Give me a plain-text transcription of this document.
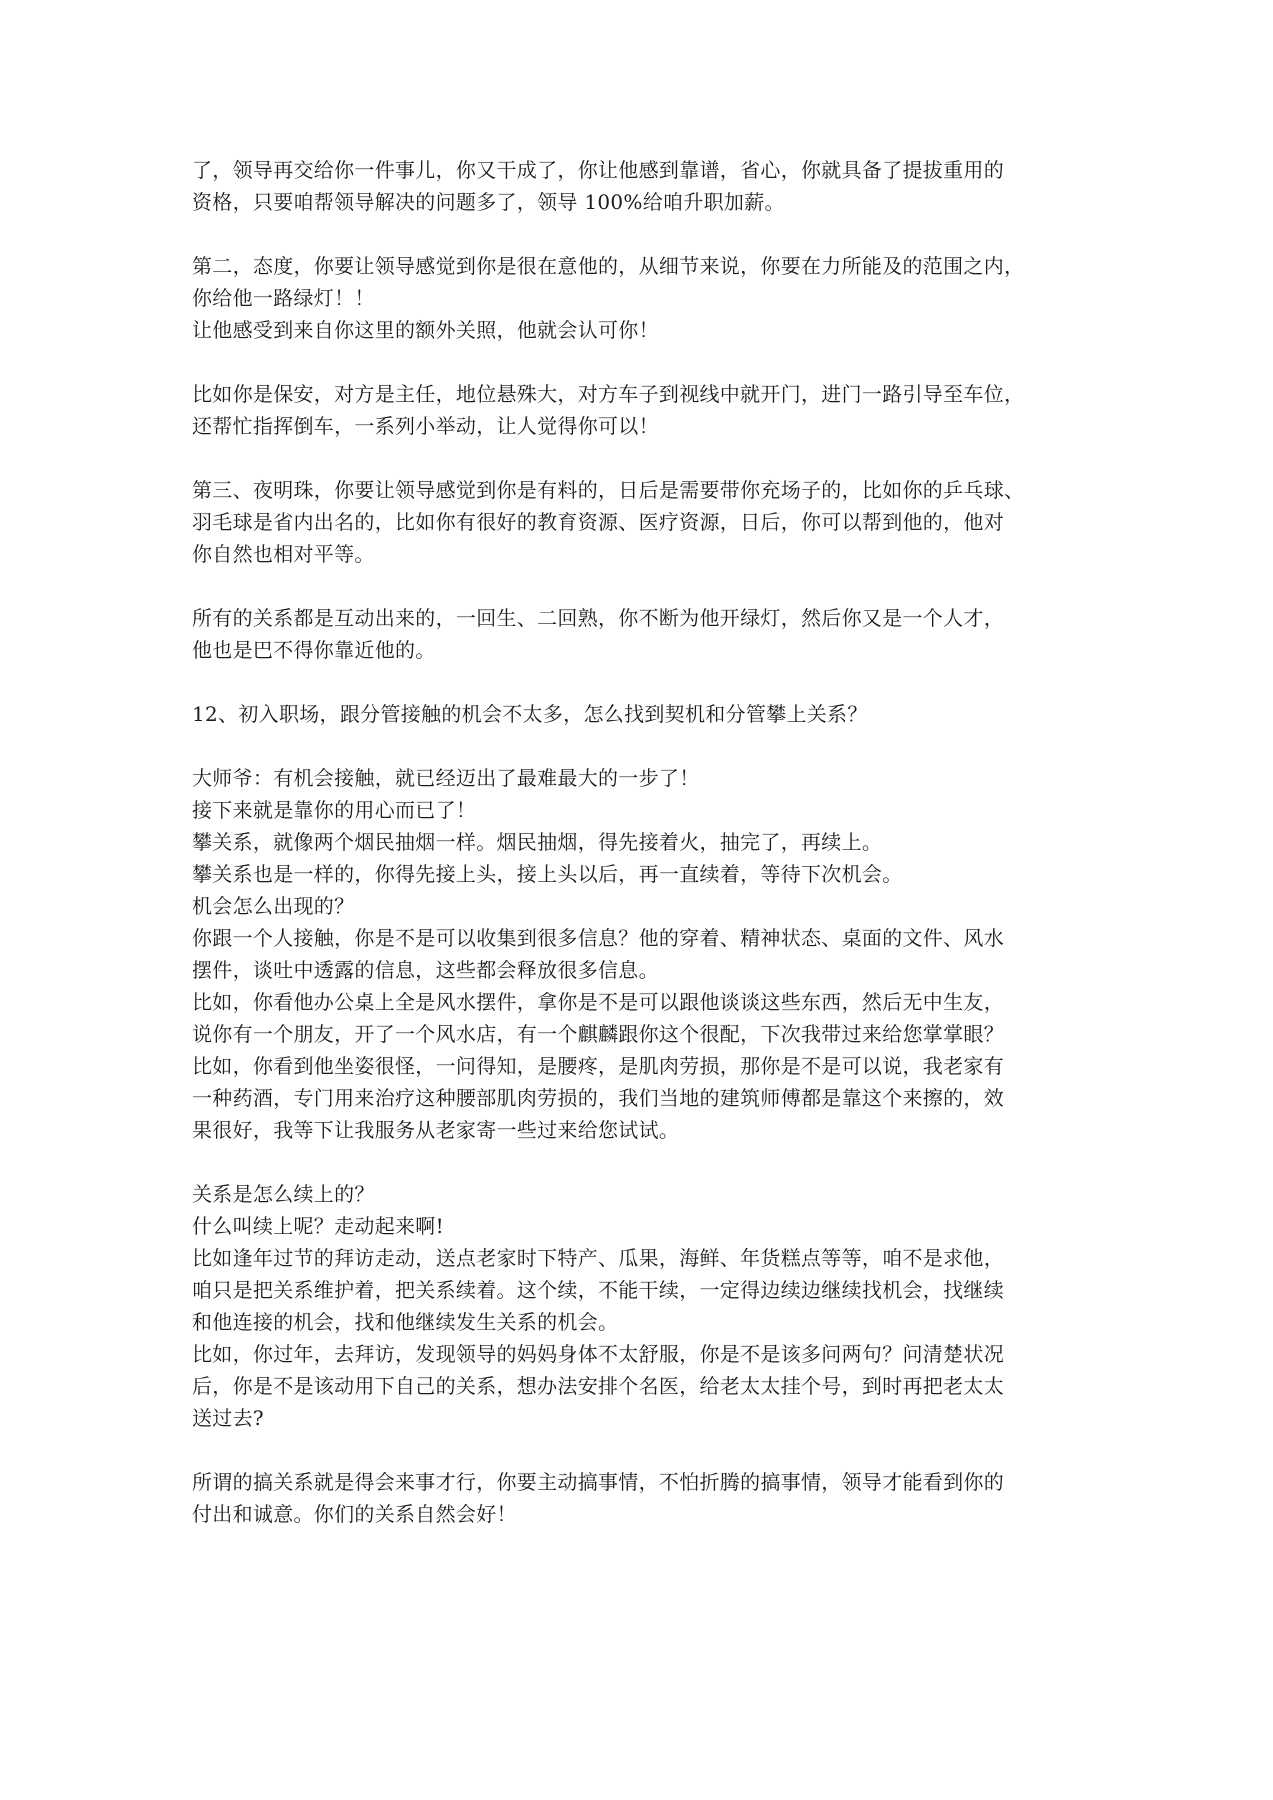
了，领导再交给你一件事儿，你又干成了，你让他感到靠谱，省心，你就具备了提拔重用的
资格，只要咱帮领导解决的问题多了，领导 100%给咱升职加薪。

第二，态度，你要让领导感觉到你是很在意他的，从细节来说，你要在力所能及的范围之内，
你给他一路绿灯！！
让他感受到来自你这里的额外关照，他就会认可你！

比如你是保安，对方是主任，地位悬殊大，对方车子到视线中就开门，进门一路引导至车位，
还帮忙指挥倒车，一系列小举动，让人觉得你可以！

第三、夜明珠，你要让领导感觉到你是有料的，日后是需要带你充场子的，比如你的乒乓球、
羽毛球是省内出名的，比如你有很好的教育资源、医疗资源，日后，你可以帮到他的，他对
你自然也相对平等。

所有的关系都是互动出来的，一回生、二回熟，你不断为他开绿灯，然后你又是一个人才，
他也是巴不得你靠近他的。

12、初入职场，跟分管接触的机会不太多，怎么找到契机和分管攀上关系？

大师爷：有机会接触，就已经迈出了最难最大的一步了！
接下来就是靠你的用心而已了！
攀关系，就像两个烟民抽烟一样。烟民抽烟，得先接着火，抽完了，再续上。
攀关系也是一样的，你得先接上头，接上头以后，再一直续着，等待下次机会。
机会怎么出现的？
你跟一个人接触，你是不是可以收集到很多信息？他的穿着、精神状态、桌面的文件、风水
摆件，谈吐中透露的信息，这些都会释放很多信息。
比如，你看他办公桌上全是风水摆件，拿你是不是可以跟他谈谈这些东西，然后无中生友，
说你有一个朋友，开了一个风水店，有一个麒麟跟你这个很配，下次我带过来给您掌掌眼？
比如，你看到他坐姿很怪，一问得知，是腰疼，是肌肉劳损，那你是不是可以说，我老家有
一种药酒，专门用来治疗这种腰部肌肉劳损的，我们当地的建筑师傅都是靠这个来擦的，效
果很好，我等下让我服务从老家寄一些过来给您试试。

关系是怎么续上的？
什么叫续上呢？走动起来啊!
比如逢年过节的拜访走动，送点老家时下特产、瓜果，海鲜、年货糕点等等，咱不是求他，
咱只是把关系维护着，把关系续着。这个续，不能干续，一定得边续边继续找机会，找继续
和他连接的机会，找和他继续发生关系的机会。
比如，你过年，去拜访，发现领导的妈妈身体不太舒服，你是不是该多问两句？问清楚状况
后，你是不是该动用下自己的关系，想办法安排个名医，给老太太挂个号，到时再把老太太
送过去?

所谓的搞关系就是得会来事才行，你要主动搞事情，不怕折腾的搞事情，领导才能看到你的
付出和诚意。你们的关系自然会好！
